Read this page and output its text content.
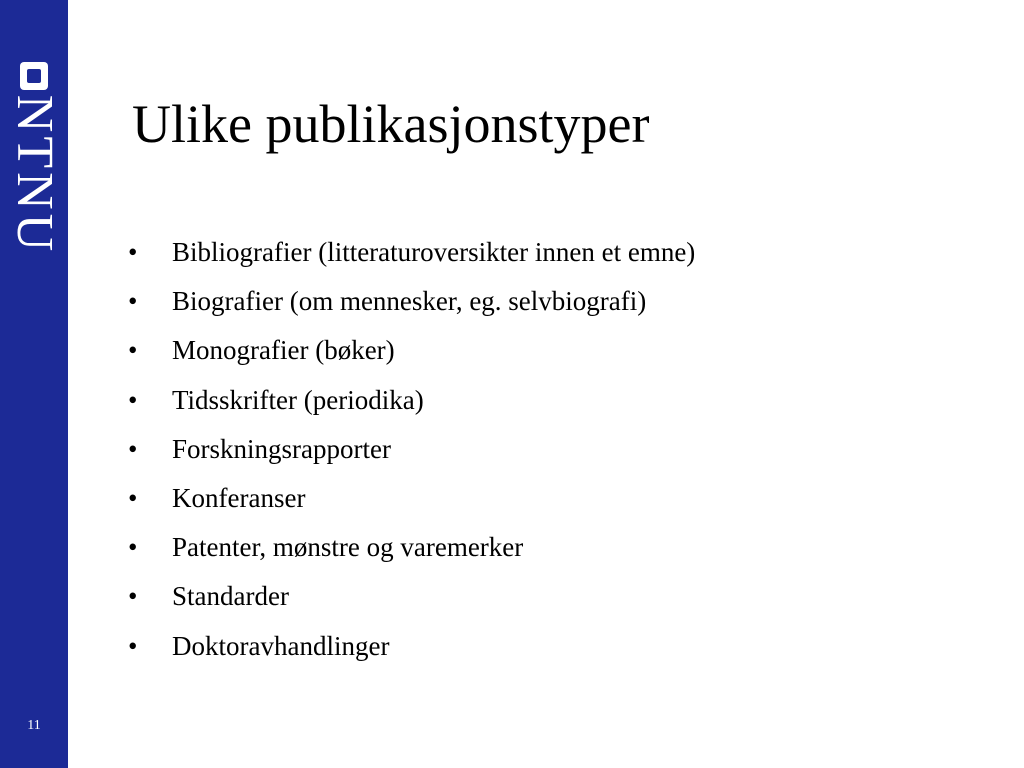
NTNU
11
Ulike publikasjonstyper
•	Bibliografier (litteraturoversikter innen et emne)
•	Biografier (om mennesker, eg. selvbiografi)
•	Monografier (bøker)
•	Tidsskrifter (periodika)
•	Forskningsrapporter
•	Konferanser
•	Patenter, mønstre og varemerker
•	Standarder
•	Doktoravhandlinger
